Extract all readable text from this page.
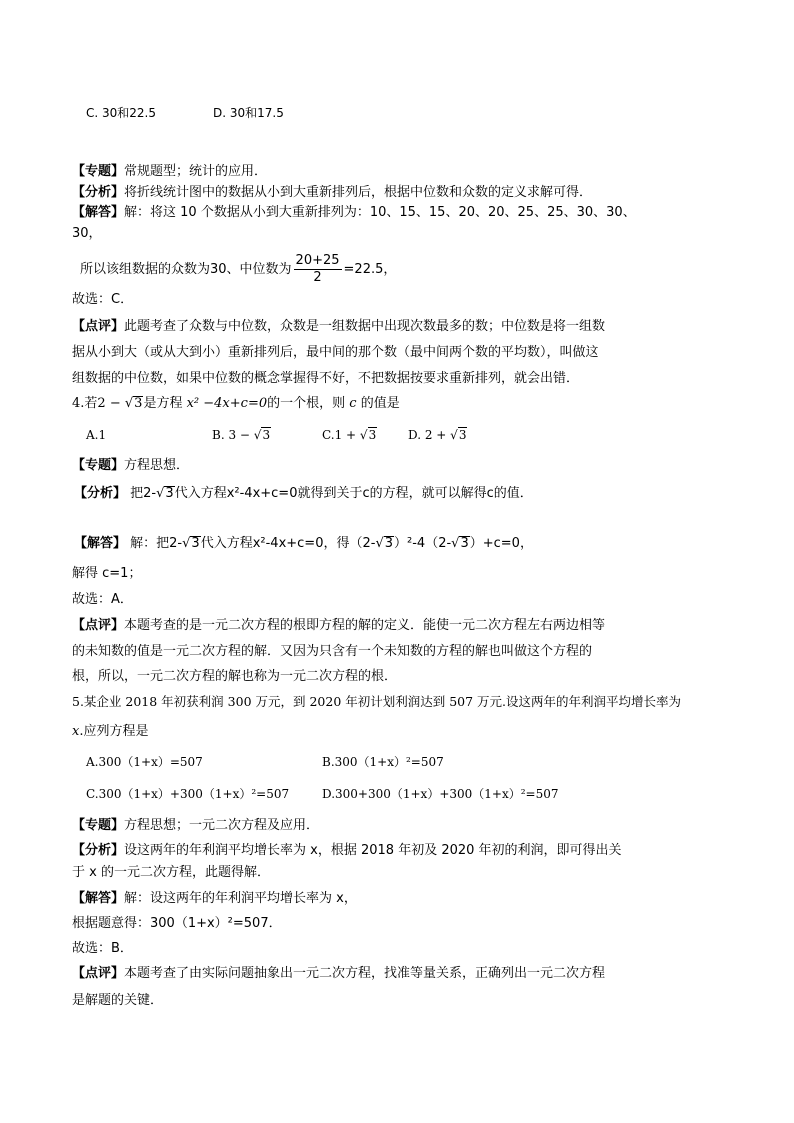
C. 30和22.5	D. 30和17.5
【专题】常规题型；统计的应用．
【分析】将折线统计图中的数据从小到大重新排列后，根据中位数和众数的定义求解可得．
【解答】解：将这 10 个数据从小到大重新排列为：10、15、15、20、20、25、25、30、30、
30，
所以该组数据的众数为30、中位数为 $\frac{20+25}{2} =22.5$，
故选：C．
【点评】此题考查了众数与中位数，众数是一组数据中出现次数最多的数；中位数是将一组数
据从小到大（或从大到小）重新排列后，最中间的那个数（最中间两个数的平均数），叫做这
组数据的中位数，如果中位数的概念掌握得不好，不把数据按要求重新排列，就会出错．
4.若2 − √3是方程 x² −4x+c=0的一个根，则 c 的值是
A.1	B. 3 − √3	C.1 + √3	D. 2 + √3
【专题】方程思想．
【分析】 把2-√3代入方程x²-4x+c=0就得到关于c的方程，就可以解得c的值．
【解答】 解：把2-√3代入方程x²-4x+c=0，得（2-√3）²-4（2-√3）+c=0，
解得 c=1；
故选：A．
【点评】本题考查的是一元二次方程的根即方程的解的定义．能使一元二次方程左右两边相等
的未知数的值是一元二次方程的解．又因为只含有一个未知数的方程的解也叫做这个方程的
根，所以，一元二次方程的解也称为一元二次方程的根．
5.某企业 2018 年初获利润 300 万元，到 2020 年初计划利润达到 507 万元.设这两年的年利润平均增长率为
x.应列方程是
A.300（1+x）=507	B.300（1+x）²=507
C.300（1+x）+300（1+x）²=507	D.300+300（1+x）+300（1+x）²=507
【专题】方程思想；一元二次方程及应用．
【分析】设这两年的年利润平均增长率为 x，根据 2018 年初及 2020 年初的利润，即可得出关
于 x 的一元二次方程，此题得解．
【解答】解：设这两年的年利润平均增长率为 x，
根据题意得：300（1+x）²=507．
故选：B．
【点评】本题考查了由实际问题抽象出一元二次方程，找准等量关系，正确列出一元二次方程
是解题的关键．
